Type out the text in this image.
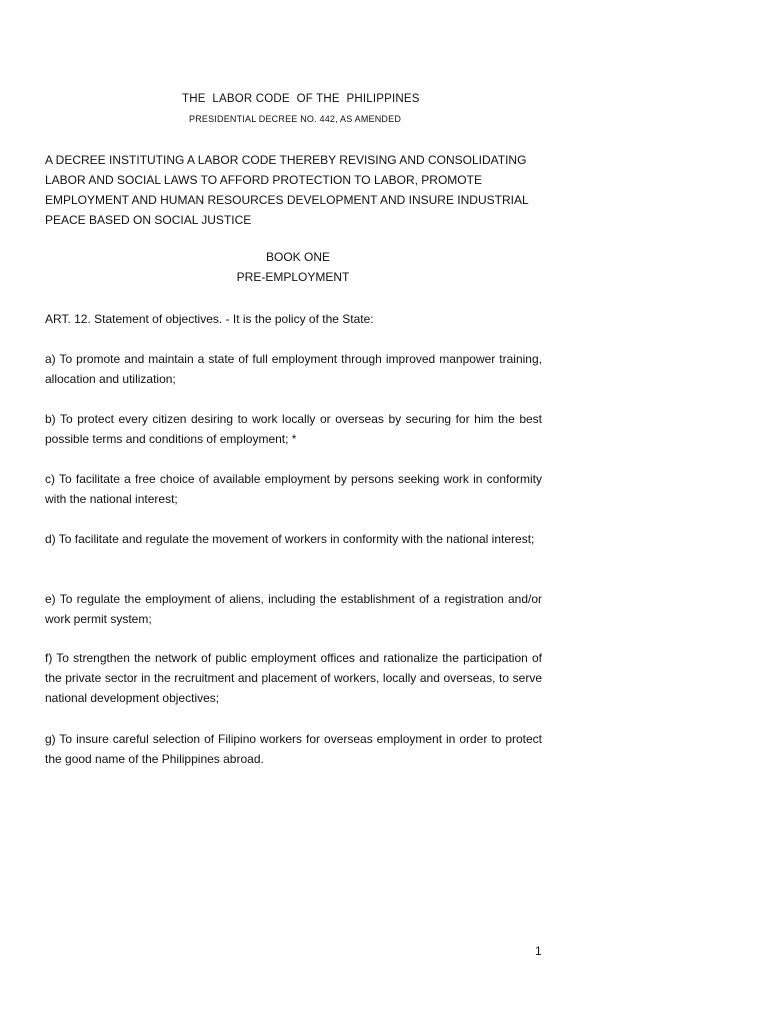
THE  LABOR CODE  OF THE  PHILIPPINES
PRESIDENTIAL DECREE NO. 442, AS AMENDED
A DECREE INSTITUTING A LABOR CODE THEREBY REVISING AND CONSOLIDATING LABOR AND SOCIAL LAWS TO AFFORD PROTECTION TO LABOR, PROMOTE EMPLOYMENT AND HUMAN RESOURCES DEVELOPMENT AND INSURE INDUSTRIAL PEACE BASED ON SOCIAL JUSTICE
BOOK ONE
PRE-EMPLOYMENT
ART. 12. Statement of objectives. - It is the policy of the State:
a) To promote and maintain a state of full employment through improved manpower training, allocation and utilization;
b) To protect every citizen desiring to work locally or overseas by securing for him the best possible terms and conditions of employment; *
c) To facilitate a free choice of available employment by persons seeking work in conformity with the national interest;
d) To facilitate and regulate the movement of workers in conformity with the national interest;
e) To regulate the employment of aliens, including the establishment of a registration and/or work permit system;
f) To strengthen the network of public employment offices and rationalize the participation of the private sector in the recruitment and placement of workers, locally and overseas, to serve national development objectives;
g) To insure careful selection of Filipino workers for overseas employment in order to protect the good name of the Philippines abroad.
1
